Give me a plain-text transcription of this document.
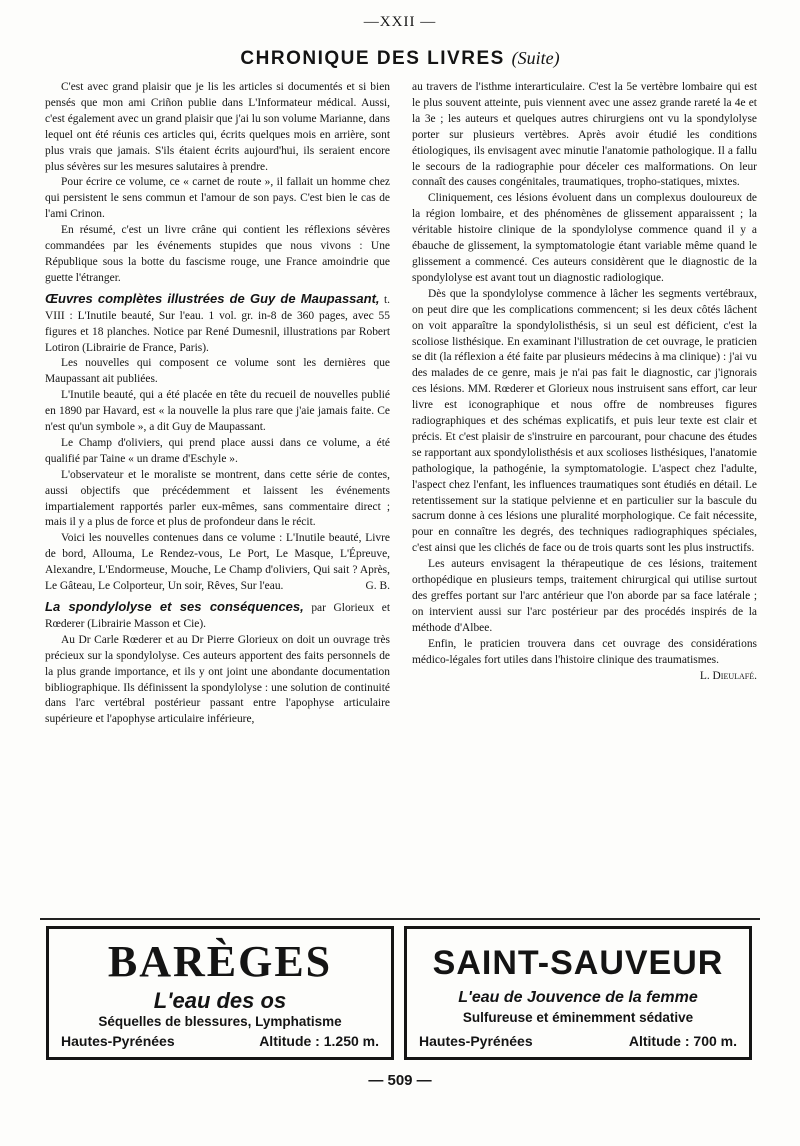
—XXII —
CHRONIQUE DES LIVRES (Suite)

C'est avec grand plaisir que je lis les articles si documentés et si bien pensés que mon ami Criñon publie dans L'Informateur médical. Aussi, c'est également avec un grand plaisir que j'ai lu son volume Marianne, dans lequel ont été réunis ces articles qui, écrits quelques mois en arrière, sont plus vrais que jamais. S'ils étaient écrits aujourd'hui, ils seraient encore plus sévères sur les mesures salutaires à prendre.

Pour écrire ce volume, ce « carnet de route », il fallait un homme chez qui persistent le sens commun et l'amour de son pays. C'est bien le cas de l'ami Crinon.

En résumé, c'est un livre crâne qui contient les réflexions sévères commandées par les événements stupides que nous vivons : Une République sous la botte du fascisme rouge, une France amoindrie que guette l'étranger.

Œuvres complètes illustrées de Guy de Maupassant, t. VIII : L'Inutile beauté, Sur l'eau. 1 vol. gr. in-8 de 360 pages, avec 55 figures et 18 planches. Notice par René Dumesnil, illustrations par Robert Lotiron (Librairie de France, Paris).

Les nouvelles qui composent ce volume sont les dernières que Maupassant ait publiées.

L'Inutile beauté, qui a été placée en tête du recueil de nouvelles publié en 1890 par Havard, est « la nouvelle la plus rare que j'aie jamais faite. Ce n'est qu'un symbole », a dit Guy de Maupassant.

Le Champ d'oliviers, qui prend place aussi dans ce volume, a été qualifié par Taine « un drame d'Eschyle ».

L'observateur et le moraliste se montrent, dans cette série de contes, aussi objectifs que précédemment et laissent les événements impartialement rapportés parler eux-mêmes, sans commentaire direct ; mais il y a plus de force et plus de profondeur dans le récit.

Voici les nouvelles contenues dans ce volume : L'Inutile beauté, Livre de bord, Allouma, Le Rendez-vous, Le Port, Le Masque, L'Épreuve, Alexandre, L'Endormeuse, Mouche, Le Champ d'oliviers, Qui sait ? Après, Le Gâteau, Le Colporteur, Un soir, Rêves, Sur l'eau.	G. B.

La spondylolyse et ses conséquences, par Glorieux et Rœderer (Librairie Masson et Cie).

Au Dr Carle Rœderer et au Dr Pierre Glorieux on doit un ouvrage très précieux sur la spondylolyse. Ces auteurs apportent des faits personnels de la plus grande importance, et ils y ont joint une abondante documentation bibliographique. Ils définissent la spondylolyse : une solution de continuité dans l'arc vertébral postérieur passant entre l'apophyse articulaire supérieure et l'apophyse articulaire inférieure,

au travers de l'isthme interarticulaire. C'est la 5e vertèbre lombaire qui est le plus souvent atteinte, puis viennent avec une assez grande rareté la 4e et la 3e ; les auteurs et quelques autres chirurgiens ont vu la spondylolyse porter sur plusieurs vertèbres. Après avoir étudié les conditions étiologiques, ils envisagent avec minutie l'anatomie pathologique. Il a fallu le secours de la radiographie pour déceler ces malformations. On leur connaît des causes congénitales, traumatiques, tropho-statiques, mixtes.

Cliniquement, ces lésions évoluent dans un complexus douloureux de la région lombaire, et des phénomènes de glissement apparaissent ; la véritable histoire clinique de la spondylolyse commence quand il y a ébauche de glissement, la symptomatologie étant variable même quand le glissement a commencé. Ces auteurs considèrent que le diagnostic de la spondylolyse est avant tout un diagnostic radiologique.

Dès que la spondylolyse commence à lâcher les segments vertébraux, on peut dire que les complications commencent; si les deux côtés lâchent on voit apparaître la spondylolisthésis, si un seul est déficient, c'est la scoliose listhésique. En examinant l'illustration de cet ouvrage, le praticien se dit (la réflexion a été faite par plusieurs médecins à ma clinique) : j'ai vu des malades de ce genre, mais je n'ai pas fait le diagnostic, car j'ignorais ces lésions. MM. Rœderer et Glorieux nous instruisent sans effort, car leur livre est iconographique et nous offre de nombreuses figures radiographiques et des schémas explicatifs, et puis leur texte est clair et précis. Et c'est plaisir de s'instruire en parcourant, pour chacune des études se rapportant aux spondylolisthésis et aux scolioses listhésiques, l'anatomie pathologique, la pathogénie, la symptomatologie. L'aspect chez l'adulte, l'aspect chez l'enfant, les influences traumatiques sont étudiés en détail. Le retentissement sur la statique pelvienne et en particulier sur la bascule du sacrum donne à ces lésions une pluralité morphologique. Ce fait nécessite, pour en connaître les degrés, des techniques radiographiques spéciales, c'est ainsi que les clichés de face ou de trois quarts sont les plus instructifs.

Les auteurs envisagent la thérapeutique de ces lésions, traitement orthopédique en plusieurs temps, traitement chirurgical qui utilise surtout des greffes portant sur l'arc antérieur que l'on aborde par sa face latérale ; on intervient aussi sur l'arc postérieur par des procédés inspirés de la méthode d'Albee.

Enfin, le praticien trouvera dans cet ouvrage des considérations médico-légales fort utiles dans l'histoire clinique des traumatismes.
L. Dieulafé.

BARÈGES
L'eau des os
Séquelles de blessures, Lymphatisme
Hautes-Pyrénées	Altitude : 1.250 m.
SAINT-SAUVEUR
L'eau de Jouvence de la femme
Sulfureuse et éminemment sédative
Hautes-Pyrénées	Altitude : 700 m.
— 509 —
